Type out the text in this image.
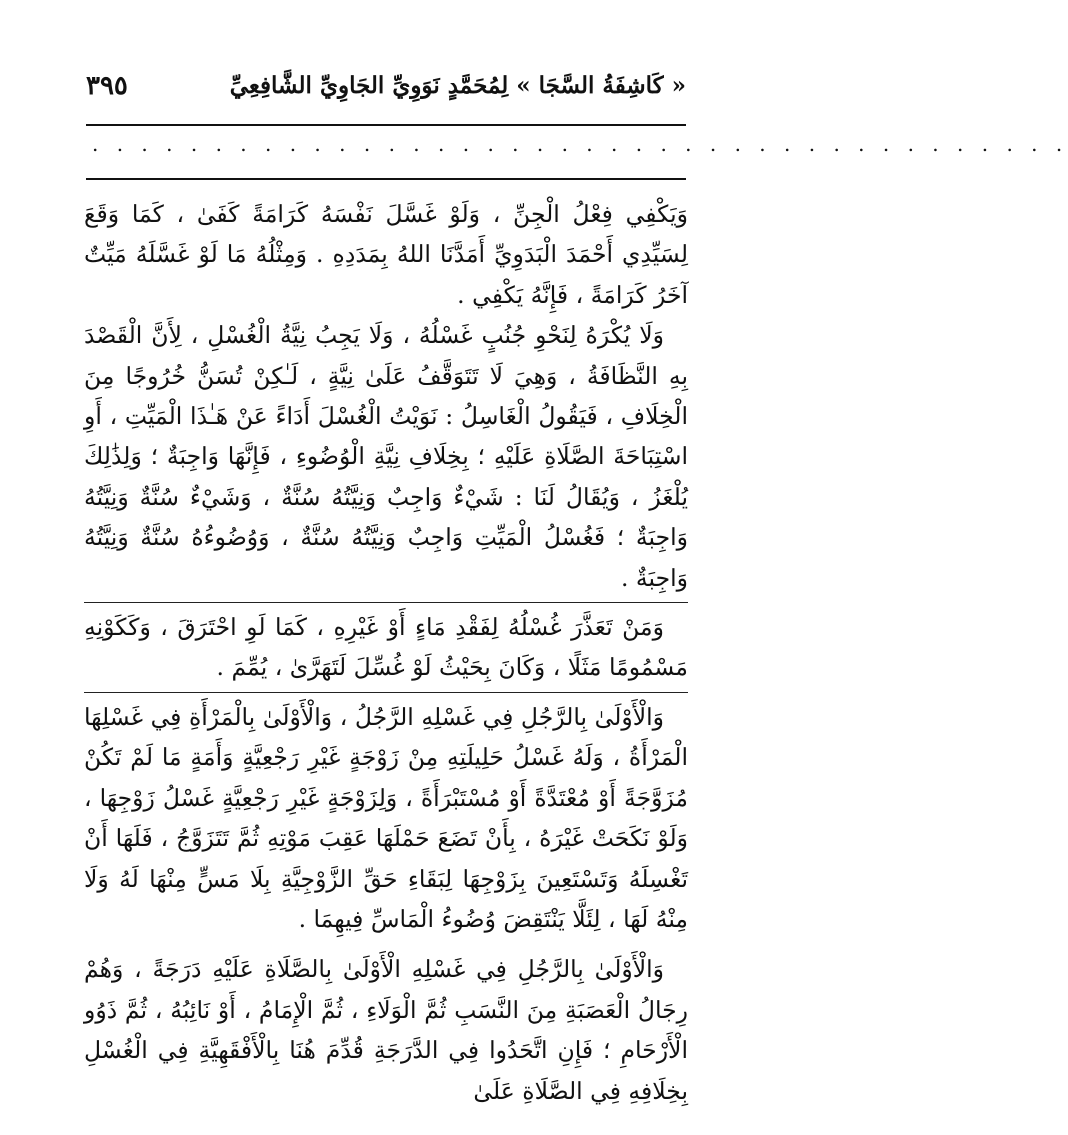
٣٩٥	« كَاشِفَةُ السَّجَا » لِمُحَمَّدٍ نَوَوِيِّ الجَاوِيِّ الشَّافِعِيِّ
. . . . . . . . . . . . . . . . . . . . . . . . . . . . . . . . . . . . . . . .

وَيَكْفِي فِعْلُ الْجِنِّ ، وَلَوْ غَسَّلَ نَفْسَهُ كَرَامَةً كَفَىٰ ، كَمَا وَقَعَ لِسَيِّدِي أَحْمَدَ الْبَدَوِيِّ أَمَدَّنَا اللهُ بِمَدَدِهِ . وَمِثْلُهُ مَا لَوْ غَسَّلَهُ مَيِّتٌ آخَرُ كَرَامَةً ، فَإِنَّهُ يَكْفِي .

وَلَا يُكْرَهُ لِنَحْوِ جُنُبٍ غَسْلُهُ ، وَلَا يَجِبُ نِيَّةُ الْغُسْلِ ، لِأَنَّ الْقَصْدَ بِهِ النَّظَافَةُ ، وَهِيَ لَا تَتَوَقَّفُ عَلَىٰ نِيَّةٍ ، لَـٰكِنْ تُسَنُّ خُرُوجًا مِنَ الْخِلَافِ ، فَيَقُولُ الْغَاسِلُ : نَوَيْتُ الْغُسْلَ أَدَاءً عَنْ هَـٰذَا الْمَيِّتِ ، أَوِ اسْتِبَاحَةَ الصَّلَاةِ عَلَيْهِ ؛ بِخِلَافِ نِيَّةِ الْوُضُوءِ ، فَإِنَّهَا وَاجِبَةٌ ؛ وَلِذَٰلِكَ يُلْغَزُ ، وَيُقَالُ لَنَا : شَيْءٌ وَاجِبٌ وَنِيَّتُهُ سُنَّةٌ ، وَشَيْءٌ سُنَّةٌ وَنِيَّتُهُ وَاجِبَةٌ ؛ فَغُسْلُ الْمَيِّتِ وَاجِبٌ وَنِيَّتُهُ سُنَّةٌ ، وَوُضُوءُهُ سُنَّةٌ وَنِيَّتُهُ وَاجِبَةٌ .

وَمَنْ تَعَذَّرَ غُسْلُهُ لِفَقْدِ مَاءٍ أَوْ غَيْرِهِ ، كَمَا لَوِ احْتَرَقَ ، وَكَكَوْنِهِ مَسْمُومًا مَثَلًا ، وَكَانَ بِحَيْثُ لَوْ غُسِّلَ لَتَهَرَّىٰ ، يُمِّمَ .

وَالْأَوْلَىٰ بِالرَّجُلِ فِي غَسْلِهِ الرَّجُلُ ، وَالْأَوْلَىٰ بِالْمَرْأَةِ فِي غَسْلِهَا الْمَرْأَةُ ، وَلَهُ غَسْلُ حَلِيلَتِهِ مِنْ زَوْجَةٍ غَيْرِ رَجْعِيَّةٍ وَأَمَةٍ مَا لَمْ تَكُنْ مُزَوَّجَةً أَوْ مُعْتَدَّةً أَوْ مُسْتَبْرَأَةً ، وَلِزَوْجَةٍ غَيْرِ رَجْعِيَّةٍ غَسْلُ زَوْجِهَا ، وَلَوْ نَكَحَتْ غَيْرَهُ ، بِأَنْ تَضَعَ حَمْلَهَا عَقِبَ مَوْتِهِ ثُمَّ تَتَزَوَّجُ ، فَلَهَا أَنْ تَغْسِلَهُ وَتَسْتَعِينَ بِزَوْجِهَا لِبَقَاءِ حَقِّ الزَّوْجِيَّةِ بِلَا مَسٍّ مِنْهَا لَهُ وَلَا مِنْهُ لَهَا ، لِئَلَّا يَنْتَقِضَ وُضُوءُ الْمَاسِّ فِيهِمَا .

وَالْأَوْلَىٰ بِالرَّجُلِ فِي غَسْلِهِ الْأَوْلَىٰ بِالصَّلَاةِ عَلَيْهِ دَرَجَةً ، وَهُمْ رِجَالُ الْعَصَبَةِ مِنَ النَّسَبِ ثُمَّ الْوَلَاءِ ، ثُمَّ الْإِمَامُ ، أَوْ نَائِبُهُ ، ثُمَّ ذَوُو الْأَرْحَامِ ؛ فَإِنِ اتَّحَدُوا فِي الدَّرَجَةِ قُدِّمَ هُنَا بِالْأَفْقَهِيَّةِ فِي الْغُسْلِ بِخِلَافِهِ فِي الصَّلَاةِ عَلَىٰ
